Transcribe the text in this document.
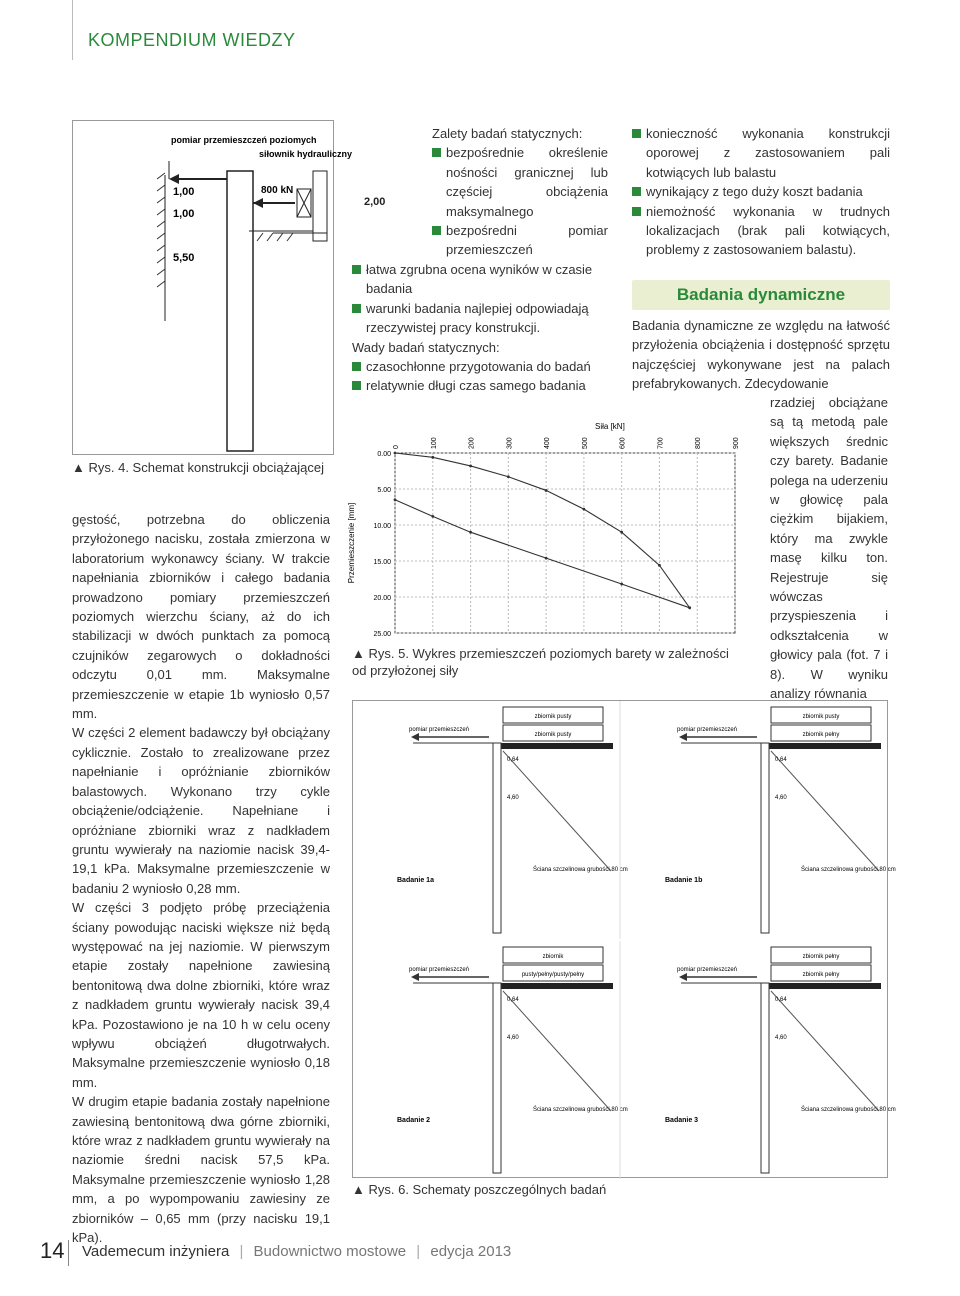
KOMPENDIUM WIEDZY
pomiar przemieszczeń poziomych
siłownik hydrauliczny
800 kN
1,00
1,00
5,50
▲ Rys. 4. Schemat konstrukcji obciążającej
2,00

gęstość, potrzebna do obliczenia przyłożonego nacisku, została zmierzona w laboratorium wykonawcy ściany. W trakcie napełniania zbiorników i całego badania prowadzono pomiary przemieszczeń poziomych wierzchu ściany, aż do ich stabilizacji w dwóch punktach za pomocą czujników zegarowych o dokładności odczytu 0,01 mm. Maksymalne przemieszczenie w etapie 1b wyniosło 0,57 mm.

W części 2 element badawczy był obciążany cyklicznie. Zostało to zrealizowane przez napełnianie i opróżnianie zbiorników balastowych. Wykonano trzy cykle obciążenie/odciążenie. Napełniane i opróżniane zbiorniki wraz z nadkładem gruntu wywierały na naziomie nacisk 39,4-19,1 kPa. Maksymalne przemieszczenie w badaniu 2 wyniosło 0,28 mm.

W części 3 podjęto próbę przeciążenia ściany powodując naciski większe niż będą występować na jej naziomie. W pierwszym etapie zostały napełnione zawiesiną bentonitową dwa dolne zbiorniki, które wraz z nadkładem gruntu wywierały nacisk 39,4 kPa. Pozostawiono je na 10 h w celu oceny wpływu obciążeń długotrwałych. Maksymalne przemieszczenie wyniosło 0,18 mm.

W drugim etapie badania zostały napełnione zawiesiną bentonitową dwa górne zbiorniki, które wraz z nadkładem gruntu wywierały na naziomie średni nacisk 57,5 kPa. Maksymalne przemieszczenie wyniosło 1,28 mm, a po wypompowaniu zawiesiny ze zbiorników – 0,65 mm (przy nacisku 19,1 kPa).

Zalety badań statycznych:
bezpośrednie określenie nośności granicznej lub częściej obciążenia maksymalnego
bezpośredni pomiar przemieszczeń
łatwa zgrubna ocena wyników w czasie badania
warunki badania najlepiej odpowiadają rzeczywistej pracy konstrukcji.
Wady badań statycznych:
czasochłonne przygotowania do badań
relatywnie długi czas samego badania
konieczność wykonania konstrukcji oporowej z zastosowaniem pali kotwiących lub balastu
wynikający z tego duży koszt badania
niemożność wykonania w trudnych lokalizacjach (brak pali kotwiących, problemy z zastosowaniem balastu).
Badania dynamiczne
Badania dynamiczne ze względu na łatwość przyłożenia obciążenia i dostępność sprzętu najczęściej wykonywane jest na palach prefabrykowanych. Zdecydowanie
rzadziej obciążane są tą metodą pale większych średnic czy barety. Badanie polega na uderzeniu w głowicę pala ciężkim bijakiem, który ma zwykle masę kilku ton. Rejestruje się wówczas przyspieszenia i odkształcenia w głowicy pala (fot. 7 i 8). W wyniku analizy równania
0	100	200	300	400	500	600	700	800	900
0.00
5.00
10.00
15.00
20.00
25.00
Siła [kN]
Przemieszczenie [mm]
▲ Rys. 5. Wykres przemieszczeń poziomych barety w zależności od przyłożonej siły
zbiornik pusty
zbiornik pusty
pomiar przemieszczeń
0,64
4,60
Badanie 1a
Ściana szczelinowa grubości 80 cm
zbiornik pusty
zbiornik pełny
pomiar przemieszczeń
0,64
4,60
Badanie 1b
Ściana szczelinowa grubości 80 cm
zbiornik
pusty/pełny/pusty/pełny
pomiar przemieszczeń
0,64
4,60
Badanie 2
Ściana szczelinowa grubości 80 cm
zbiornik pełny
zbiornik pełny
pomiar przemieszczeń
0,64
4,60
Badanie 3
Ściana szczelinowa grubości 80 cm
▲ Rys. 6. Schematy poszczególnych badań
14 Vademecum inżyniera | Budownictwo mostowe | edycja 2013
